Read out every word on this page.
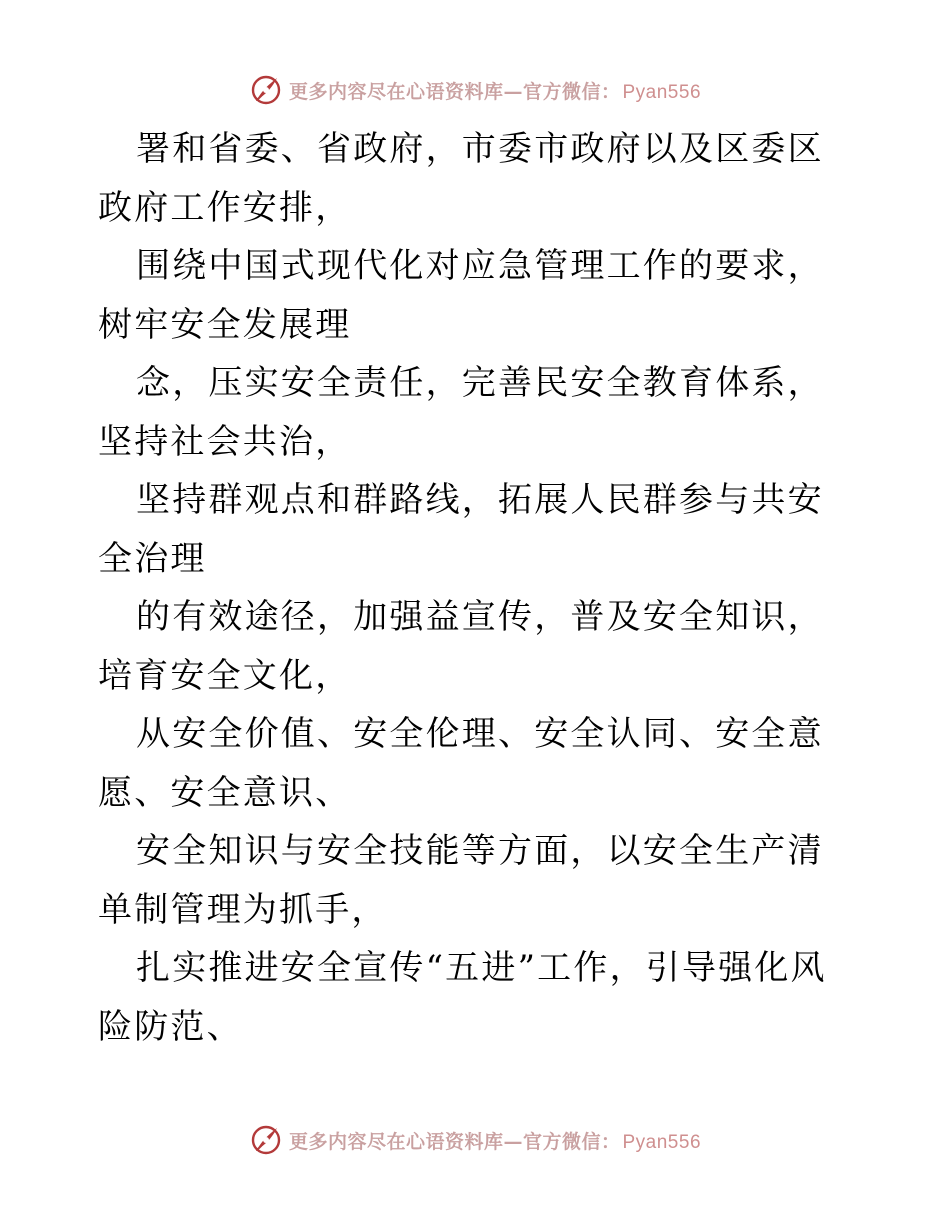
更多内容尽在心语资料库—官方微信： Pyan556

署和省委、省政府，市委市政府以及区委区政府工作安排，

围绕中国式现代化对应急管理工作的要求，树牢安全发展理

念，压实安全责任，完善民安全教育体系，坚持社会共治，

坚持群观点和群路线，拓展人民群参与共安全治理

的有效途径，加强益宣传，普及安全知识，培育安全文化，

从安全价值、安全伦理、安全认同、安全意愿、安全意识、

安全知识与安全技能等方面，以安全生产清单制管理为抓手，

扎实推进安全宣传“五进”工作，引导强化风险防范、

更多内容尽在心语资料库—官方微信： Pyan556
